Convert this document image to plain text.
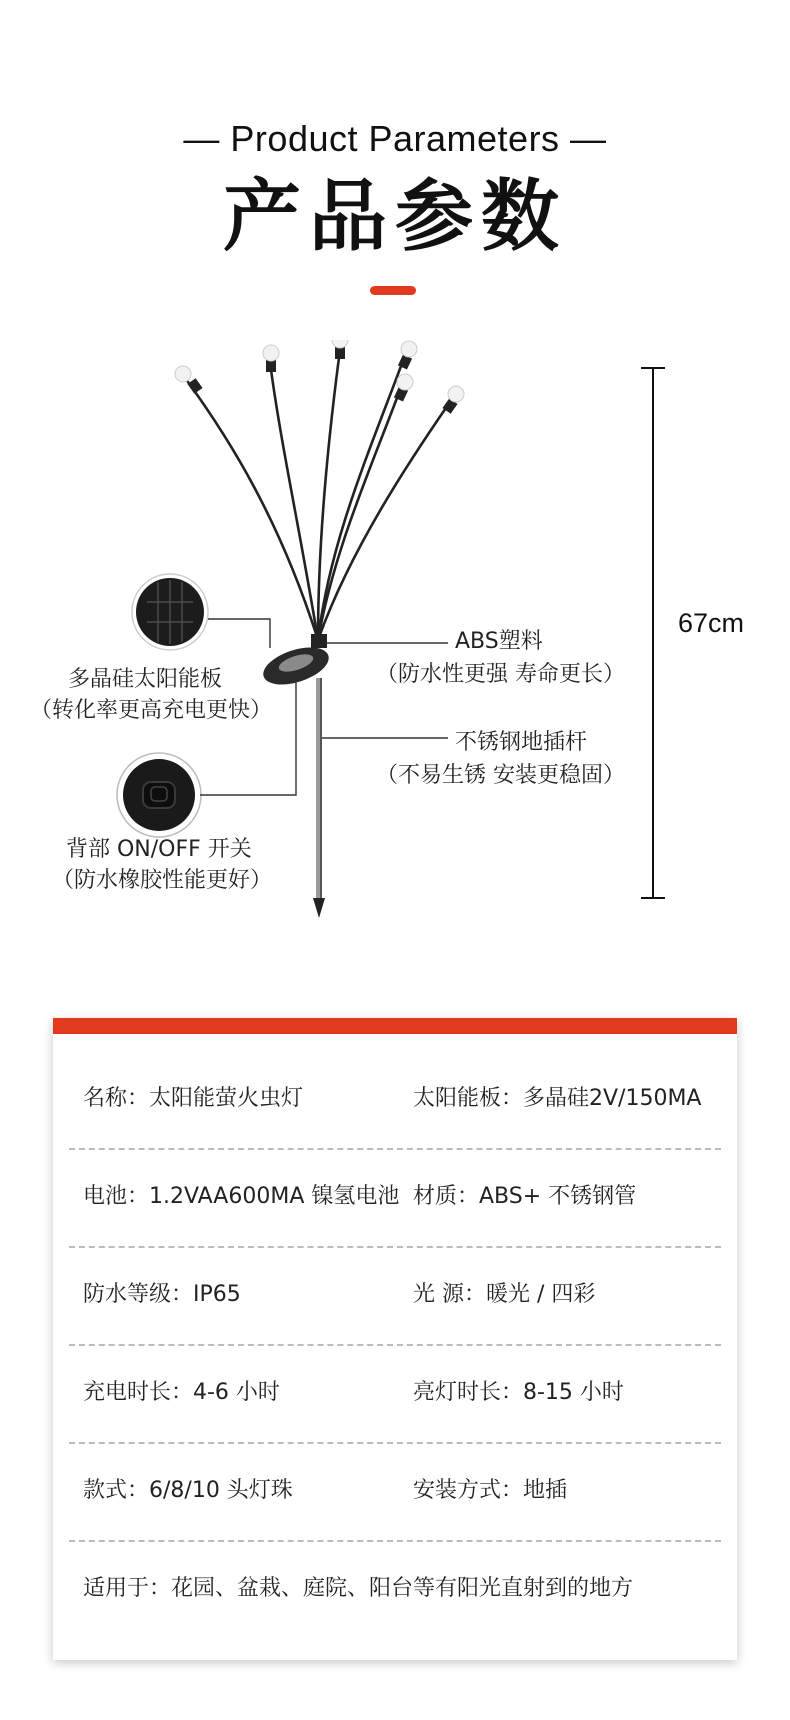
— Product Parameters —
产品参数
ABS塑料
（防水性更强 寿命更长）
多晶硅太阳能板
（转化率更高充电更快）
不锈钢地插杆
（不易生锈 安装更稳固）
背部 ON/OFF 开关
（防水橡胶性能更好）
67cm
名称：太阳能萤火虫灯	太阳能板：多晶硅2V/150MA
电池：1.2VAA600MA 镍氢电池 材质：ABS+ 不锈钢管
防水等级：IP65	光 源：暖光 / 四彩
充电时长：4-6 小时	亮灯时长：8-15 小时
款式：6/8/10 头灯珠	安装方式：地插
适用于：花园、盆栽、庭院、阳台等有阳光直射到的地方
